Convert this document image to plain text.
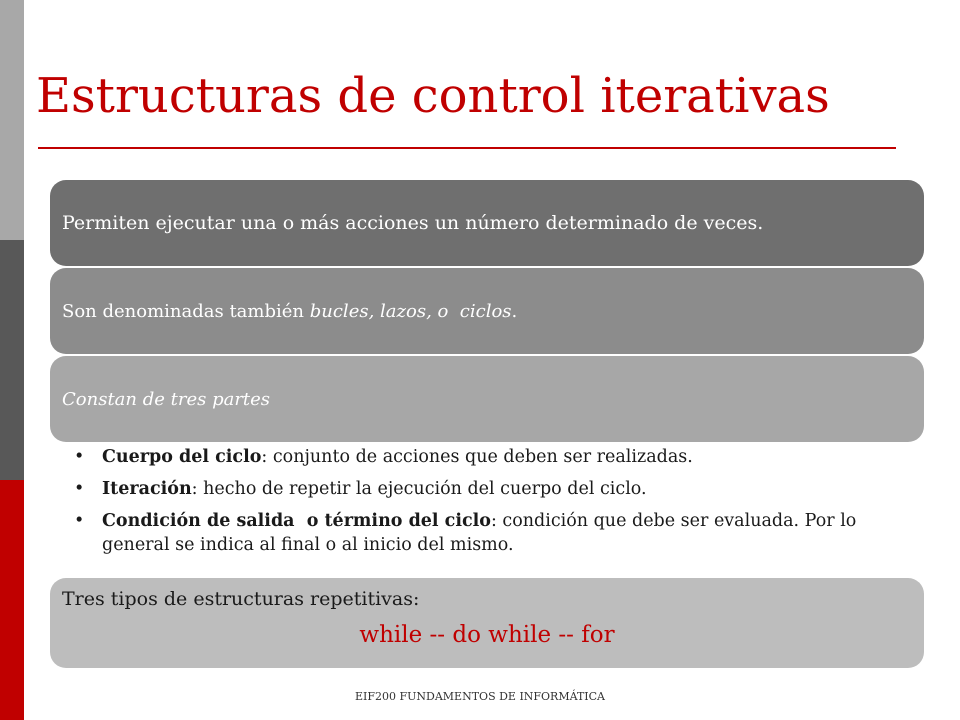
Estructuras de control iterativas
Permiten ejecutar una o más acciones un número determinado de veces.
Son denominadas también bucles, lazos, o  ciclos .
Constan de tres partes
• Cuerpo del ciclo: conjunto de acciones que deben ser realizadas.
• Iteración: hecho de repetir la ejecución del cuerpo del ciclo.
• Condición de salida  o término del ciclo: condición que debe ser evaluada. Por lo general se indica al final o al inicio del mismo.
Tres tipos de estructuras repetitivas:
while -- do while -- for
EIF200 FUNDAMENTOS DE INFORMÁTICA
